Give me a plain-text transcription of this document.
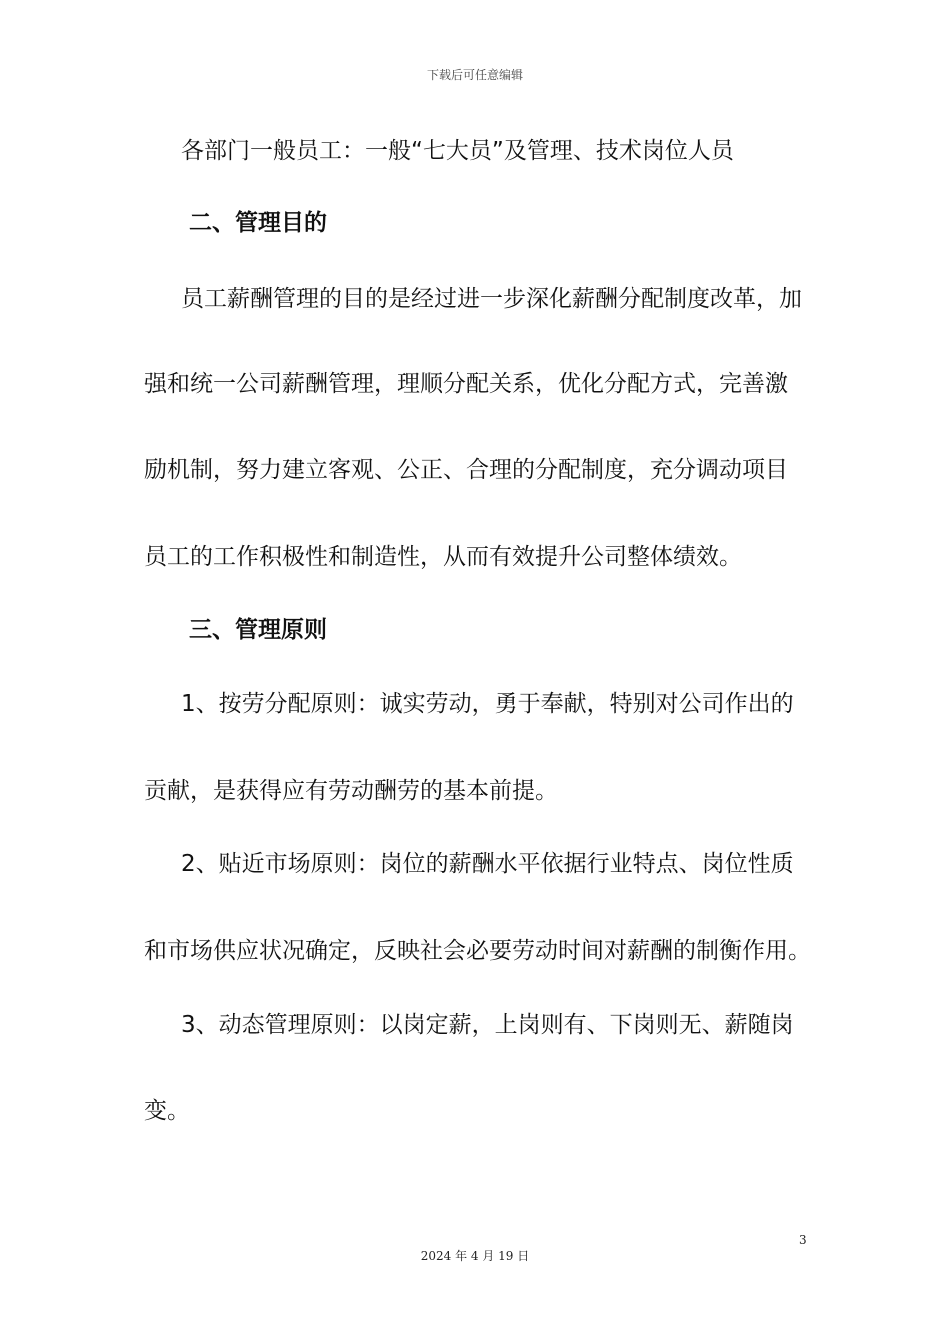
下载后可任意编辑
各部门一般员工：一般“七大员”及管理、技术岗位人员
二、管理目的
员工薪酬管理的目的是经过进一步深化薪酬分配制度改革，加
强和统一公司薪酬管理，理顺分配关系，优化分配方式，完善激
励机制，努力建立客观、公正、合理的分配制度，充分调动项目
员工的工作积极性和制造性，从而有效提升公司整体绩效。
三、管理原则
1、按劳分配原则：诚实劳动，勇于奉献，特别对公司作出的
贡献，是获得应有劳动酬劳的基本前提。
2、贴近市场原则：岗位的薪酬水平依据行业特点、岗位性质
和市场供应状况确定，反映社会必要劳动时间对薪酬的制衡作用。
3、动态管理原则：以岗定薪，上岗则有、下岗则无、薪随岗
变。
3
2024 年 4 月 19 日
